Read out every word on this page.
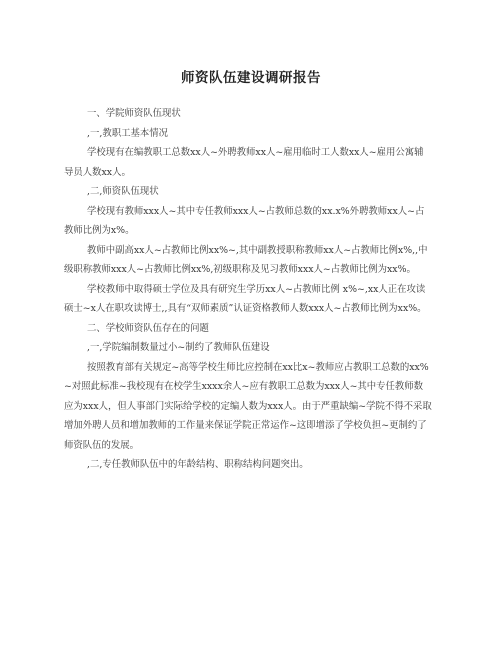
师资队伍建设调研报告

一、学院师资队伍现状

,一,教职工基本情况

学校现有在编教职工总数xx人~外聘教师xx人~雇用临时工人数xx人~雇用公寓辅导员人数xx人。

,二,师资队伍现状

学校现有教师xxx人~其中专任教师xxx人~占教师总数的xx.x%外聘教师xx人~占教师比例为x%。

教师中副高xx人~占教师比例xx%~,其中副教授职称教师xx人~占教师比例x%,,中级职称教师xxx人~占教师比例xx%,初级职称及见习教师xxx人~占教师比例为xx%。

学校教师中取得硕士学位及具有研究生学历xx人~占教师比例 x%~,xx人正在攻读硕士~x人在职攻读博士,,具有“双师素质”认证资格教师人数xxx人~占教师比例为xx%。

二、学校师资队伍存在的问题

,一,学院编制数量过小~制约了教师队伍建设

按照教育部有关规定~高等学校生师比应控制在xx比x~教师应占教职工总数的xx%~对照此标准~我校现有在校学生xxxx余人~应有教职工总数为xxx人~其中专任教师数应为xxx人，但人事部门实际给学校的定编人数为xxx人。由于严重缺编~学院不得不采取增加外聘人员和增加教师的工作量来保证学院正常运作~这即增添了学校负担~更制约了师资队伍的发展。

,二,专任教师队伍中的年龄结构、职称结构问题突出。
